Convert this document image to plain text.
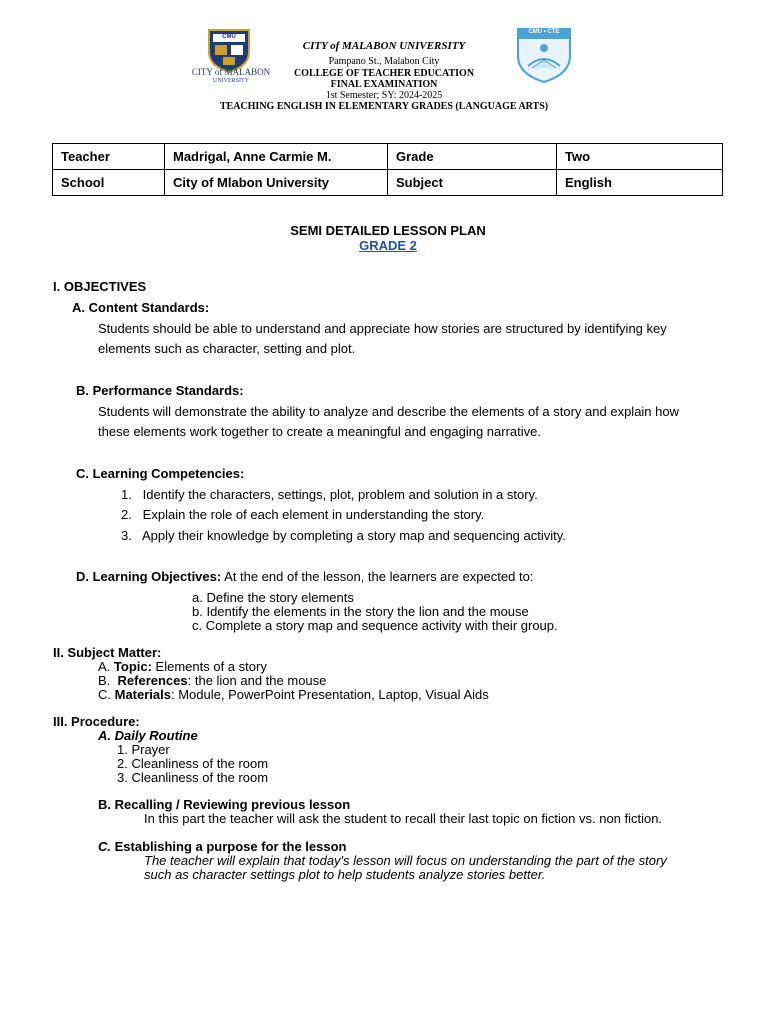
CMU
CITY of MALABON
UNIVERSITY
CMU • CTE
CITY of MALABON UNIVERSITY
Pampano St., Malabon City
COLLEGE OF TEACHER EDUCATION
FINAL EXAMINATION
1st Semester; SY: 2024-2025
TEACHING ENGLISH IN ELEMENTARY GRADES (LANGUAGE ARTS)
Teacher	Madrigal, Anne Carmie M.	Grade	Two
School	City of Mlabon University	Subject	English
SEMI DETAILED LESSON PLAN
GRADE 2
I. OBJECTIVES
A. Content Standards:
Students should be able to understand and appreciate how stories are structured by identifying key
elements such as character, setting and plot.
B. Performance Standards:
Students will demonstrate the ability to analyze and describe the elements of a story and explain how
these elements work together to create a meaningful and engaging narrative.
C. Learning Competencies:
1.   Identify the characters, settings, plot, problem and solution in a story.
2.   Explain the role of each element in understanding the story.
3.   Apply their knowledge by completing a story map and sequencing activity.
D. Learning Objectives: At the end of the lesson, the learners are expected to:
a. Define the story elements
b. Identify the elements in the story the lion and the mouse
c. Complete a story map and sequence activity with their group.
II. Subject Matter:
A. Topic: Elements of a story
B.  References: the lion and the mouse
C. Materials: Module, PowerPoint Presentation, Laptop, Visual Aids
III. Procedure:
A. Daily Routine
1. Prayer
2. Cleanliness of the room
3. Cleanliness of the room
B. Recalling / Reviewing previous lesson
In this part the teacher will ask the student to recall their last topic on fiction vs. non fiction.
C. Establishing a purpose for the lesson
The teacher will explain that today's lesson will focus on understanding the part of the story
such as character settings plot to help students analyze stories better.
